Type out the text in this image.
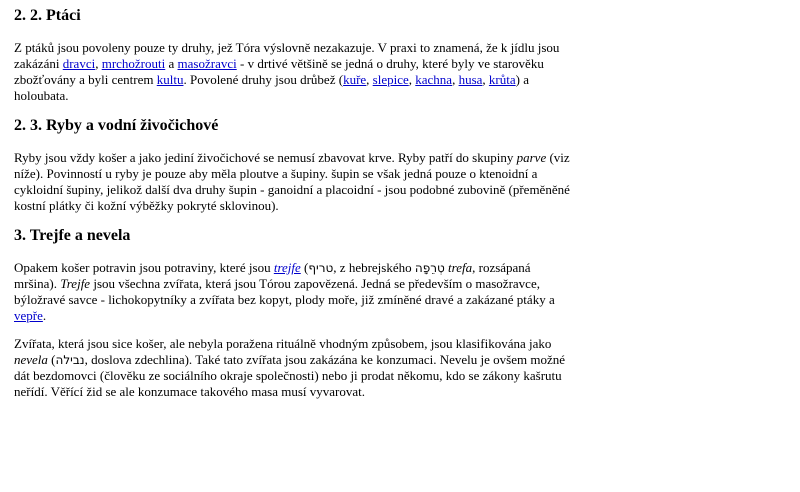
2. 2. Ptáci

Z ptáků jsou povoleny pouze ty druhy, jež Tóra výslovně nezakazuje. V praxi to znamená, že k jídlu jsou zakázáni dravci, mrchožrouti a masožravci - v drtivé většině se jedná o druhy, které byly ve starověku zbožťovány a byli centrem kultu. Povolené druhy jsou drůbež (kuře, slepice, kachna, husa, krůta) a holoubata.

2. 3. Ryby a vodní živočichové

Ryby jsou vždy košer a jako jediní živočichové se nemusí zbavovat krve. Ryby patří do skupiny parve (viz níže). Povinností u ryby je pouze aby měla ploutve a šupiny. šupin se však jedná pouze o ktenoidní a cykloidní šupiny, jelikož další dva druhy šupin - ganoidní a placoidní - jsou podobné zubovině (přeměněné kostní plátky či kožní výběžky pokryté sklovinou).

3. Trejfe a nevela

Opakem košer potravin jsou potraviny, které jsou trejfe (טריף, z hebrejského טְרֵפָה trefa, rozsápaná mršina). Trejfe jsou všechna zvířata, která jsou Tórou zapovězená. Jedná se především o masožravce, býložravé savce - lichokopytníky a zvířata bez kopyt, plody moře, již zmíněné dravé a zakázané ptáky a vepře.

Zvířata, která jsou sice košer, ale nebyla poražena rituálně vhodným způsobem, jsou klasifikována jako nevela (נבילה, doslova zdechlina). Také tato zvířata jsou zakázána ke konzumaci. Nevelu je ovšem možné dát bezdomovci (člověku ze sociálního okraje společnosti) nebo ji prodat někomu, kdo se zákony kašrutu neřídí. Věřící žid se ale konzumace takového masa musí vyvarovat.
